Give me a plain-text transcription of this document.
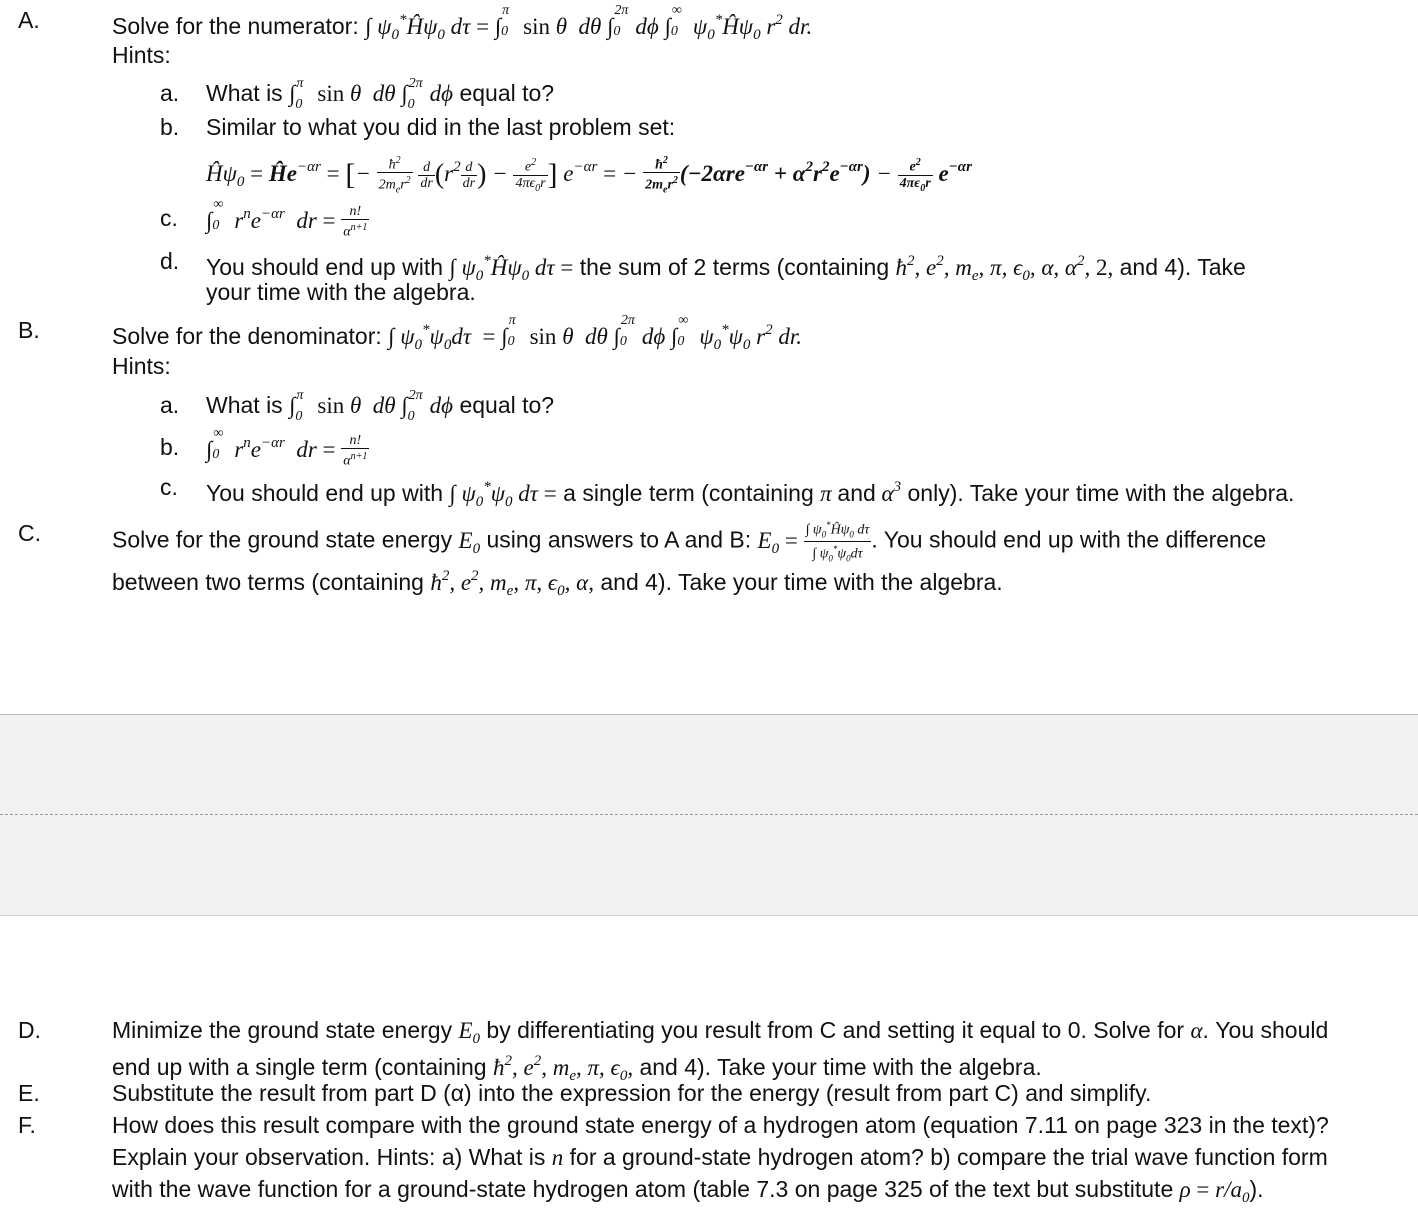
A.	Solve for the numerator: ∫ $\psi_0^*Ĥ\psi_0$ dτ = ∫
π
0 sin θ  dθ ∫
2π
0 dϕ ∫
∞
0 $\psi_0^*Ĥ\psi_0$ $r^2$ dr.
Hints:
a. What is ∫ π
0 sin θ  dθ ∫ 2π
0 dϕ equal to?
b. Similar to what you did in the last problem set:
$Ĥ\psi_0$ = $Ĥe^{-\alpha r}$ = [− $\frac{ħ^2}{2m_er^2}$
$\frac{d}{dr} (r^2 \frac{d}{dr}$ ) − $\frac{e^2}{4\pi\epsilon_0r}$ ] $e^{-\alpha r}$ = − $\frac{ħ^2}{2m_er^2} (-2\alpha re^{-\alpha r} + \alpha^2r^2e^{-\alpha r}) - \frac{e^2}{4\pi\epsilon_0r} e^{-\alpha r}$
c. ∫
∞
0 $r^ne^{-\alpha r}$  dr = $\frac{n!}{\alpha^{n+1}}$
d. You should end up with ∫ $\psi_0^*Ĥ\psi_0$ dτ = the sum of 2 terms (containing $ħ^2$, $e^2$, $m_e$, π, $\epsilon_0$, α, $\alpha^2$, 2, and 4). Take
your time with the algebra.
B.	Solve for the denominator: ∫ $\psi_0^*\psi_0d\tau$  = ∫
π
0 sin θ  dθ ∫
2π
0 dϕ ∫
∞
0 $\psi_0^*\psi_0$ $r^2$ dr.
Hints:
a. What is ∫ π
0 sin θ  dθ ∫ 2π
0 dϕ equal to?
b. ∫
∞
0 $r^ne^{-\alpha r}$  dr = $\frac{n!}{\alpha^{n+1}}$
c. You should end up with ∫ $\psi_0^*\psi_0$ dτ = a single term (containing π and $\alpha^3$ only). Take your time with the algebra.
C.	Solve for the ground state energy $E_0$ using answers to A and B: $E_0 = \frac{\int \psi_0^*Ĥ\psi_0 d\tau}{\int \psi_0^*\psi_0d\tau}$ . You should end up with the difference
between two terms (containing $ħ^2$, $e^2$, $m_e$, π, $\epsilon_0$, α, and 4). Take your time with the algebra.
D.	Minimize the ground state energy $E_0$ by differentiating you result from C and setting it equal to 0. Solve for α. You should
end up with a single term (containing $ħ^2$, $e^2$, $m_e$, π, $\epsilon_0$, and 4). Take your time with the algebra.
E.	Substitute the result from part D (α) into the expression for the energy (result from part C) and simplify.
F.	How does this result compare with the ground state energy of a hydrogen atom (equation 7.11 on page 323 in the text)?
Explain your observation. Hints: a) What is n for a ground-state hydrogen atom? b) compare the trial wave function form
with the wave function for a ground-state hydrogen atom (table 7.3 on page 325 of the text but substitute $\rho = r/a_0$).
